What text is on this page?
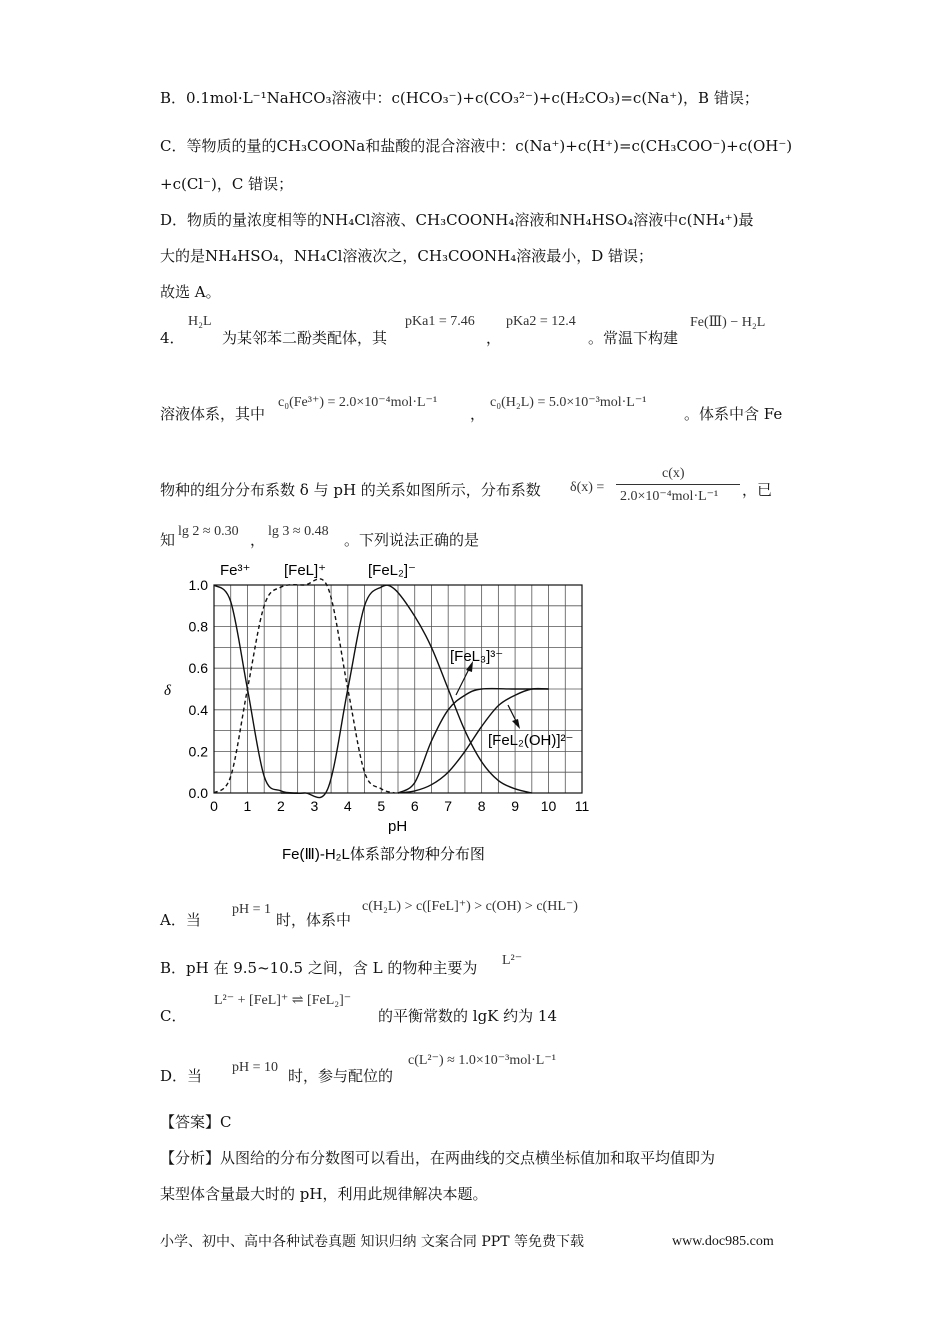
B．0.1mol·L⁻¹NaHCO₃溶液中：c(HCO₃⁻)+c(CO₃²⁻)+c(H₂CO₃)=c(Na⁺)，B 错误；
C．等物质的量的CH₃COONa和盐酸的混合溶液中：c(Na⁺)+c(H⁺)=c(CH₃COO⁻)+c(OH⁻)
+c(Cl⁻)，C 错误；
D．物质的量浓度相等的NH₄Cl溶液、CH₃COONH₄溶液和NH₄HSO₄溶液中c(NH₄⁺)最
大的是NH₄HSO₄，NH₄Cl溶液次之，CH₃COONH₄溶液最小，D 错误；
故选 A。
4．
H₂L
为某邻苯二酚类配体，其
pKa1 = 7.46
，
pKa2 = 12.4
。常温下构建
Fe(Ⅲ) − H₂L
溶液体系，其中
c₀(Fe³⁺) = 2.0×10⁻⁴mol·L⁻¹
，
c₀(H₂L) = 5.0×10⁻³mol·L⁻¹
。体系中含 Fe
物种的组分分布系数 δ 与 pH 的关系如图所示，分布系数 δ(x) =
c(x)
2.0×10⁻⁴mol·L⁻¹ ，已
知 lg 2 ≈ 0.30 ， lg 3 ≈ 0.48 。下列说法正确的是
0 1 2 3 4 5 6 7 8 9 10 11
0.0
0.2
0.4
0.6
0.8
1.0
Fe³⁺ [FeL]⁺	[FeL₂]⁻
[FeL₃]³⁻
[FeL₂(OH)]²⁻
δ
pH
Fe(Ⅲ)-H₂L体系部分物种分布图
A．当
pH = 1
时，体系中
c(H₂L) > c([FeL]⁺) > c(OH) > c(HL⁻)
B．pH 在 9.5~10.5 之间，含 L 的物种主要为 L²⁻
C．
L²⁻ + [FeL]⁺ ⇌ [FeL₂]⁻
的平衡常数的 lgK 约为 14
D．当 pH = 10 时，参与配位的
c(L²⁻) ≈ 1.0×10⁻³mol·L⁻¹
【答案】C
【分析】从图给的分布分数图可以看出，在两曲线的交点横坐标值加和取平均值即为
某型体含量最大时的 pH，利用此规律解决本题。
小学、初中、高中各种试卷真题 知识归纳 文案合同 PPT 等免费下载	www.doc985.com
